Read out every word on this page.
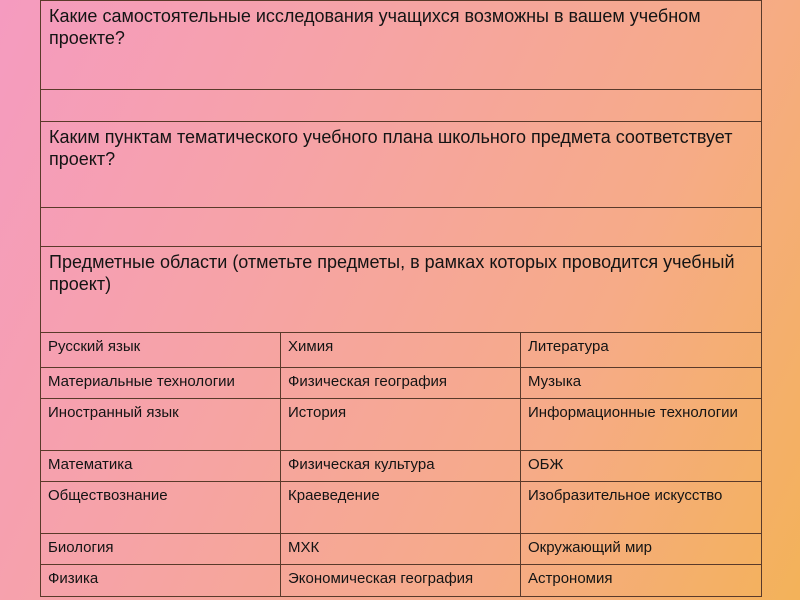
Какие самостоятельные исследования учащихся возможны в вашем учебном проекте?		

Каким пунктам тематического учебного плана школьного предмета соответствует проект?		

Предметные области (отметьте предметы, в рамках которых проводится учебный проект)		
Русский язык	Химия	Литература
Материальные технологии	Физическая география	Музыка
Иностранный язык	История	Информационные технологии
Математика	Физическая культура	ОБЖ
Обществознание	Краеведение	Изобразительное искусство
Биология	МХК	Окружающий мир
Физика	Экономическая география	Астрономия
